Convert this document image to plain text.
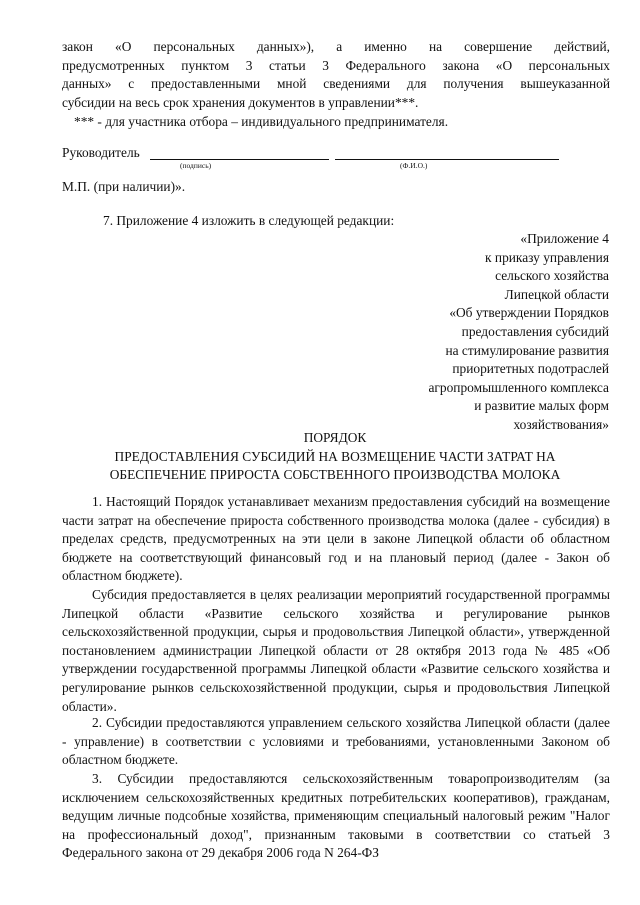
закон «О персональных данных»), а именно на совершение действий,
предусмотренных пунктом 3 статьи 3 Федерального закона «О персональных
данных» с предоставленными мной сведениями для получения вышеуказанной
субсидии на весь срок хранения документов в управлении***.
*** - для участника отбора – индивидуального предпринимателя.
Руководитель
(подпись)	(Ф.И.О.)
М.П. (при наличии)».
7. Приложение 4 изложить в следующей редакции:
«Приложение 4
к приказу управления
сельского хозяйства
Липецкой области
«Об утверждении Порядков
предоставления субсидий
на стимулирование развития
приоритетных подотраслей
агропромышленного комплекса
и развитие малых форм
хозяйствования»
ПОРЯДОК
ПРЕДОСТАВЛЕНИЯ СУБСИДИЙ НА ВОЗМЕЩЕНИЕ ЧАСТИ ЗАТРАТ НА
ОБЕСПЕЧЕНИЕ ПРИРОСТА СОБСТВЕННОГО ПРОИЗВОДСТВА МОЛОКА
1. Настоящий Порядок устанавливает механизм предоставления субсидий на возмещение части затрат на обеспечение прироста собственного производства молока (далее - субсидия) в пределах средств, предусмотренных на эти цели в законе Липецкой области об областном бюджете на соответствующий финансовый год и на плановый период (далее - Закон об областном бюджете).
Субсидия предоставляется в целях реализации мероприятий государственной программы Липецкой области «Развитие сельского хозяйства и регулирование рынков сельскохозяйственной продукции, сырья и продовольствия Липецкой области», утвержденной постановлением администрации Липецкой области от 28 октября 2013 года № 485 «Об утверждении государственной программы Липецкой области «Развитие сельского хозяйства и регулирование рынков сельскохозяйственной продукции, сырья и продовольствия Липецкой области».
2. Субсидии предоставляются управлением сельского хозяйства Липецкой области (далее - управление) в соответствии с условиями и требованиями, установленными Законом об областном бюджете.
3. Субсидии предоставляются сельскохозяйственным товаропроизводителям (за исключением сельскохозяйственных кредитных потребительских кооперативов), гражданам, ведущим личные подсобные хозяйства, применяющим специальный налоговый режим "Налог на профессиональный доход", признанным таковыми в соответствии со статьей 3 Федерального закона от 29 декабря 2006 года N 264-ФЗ
